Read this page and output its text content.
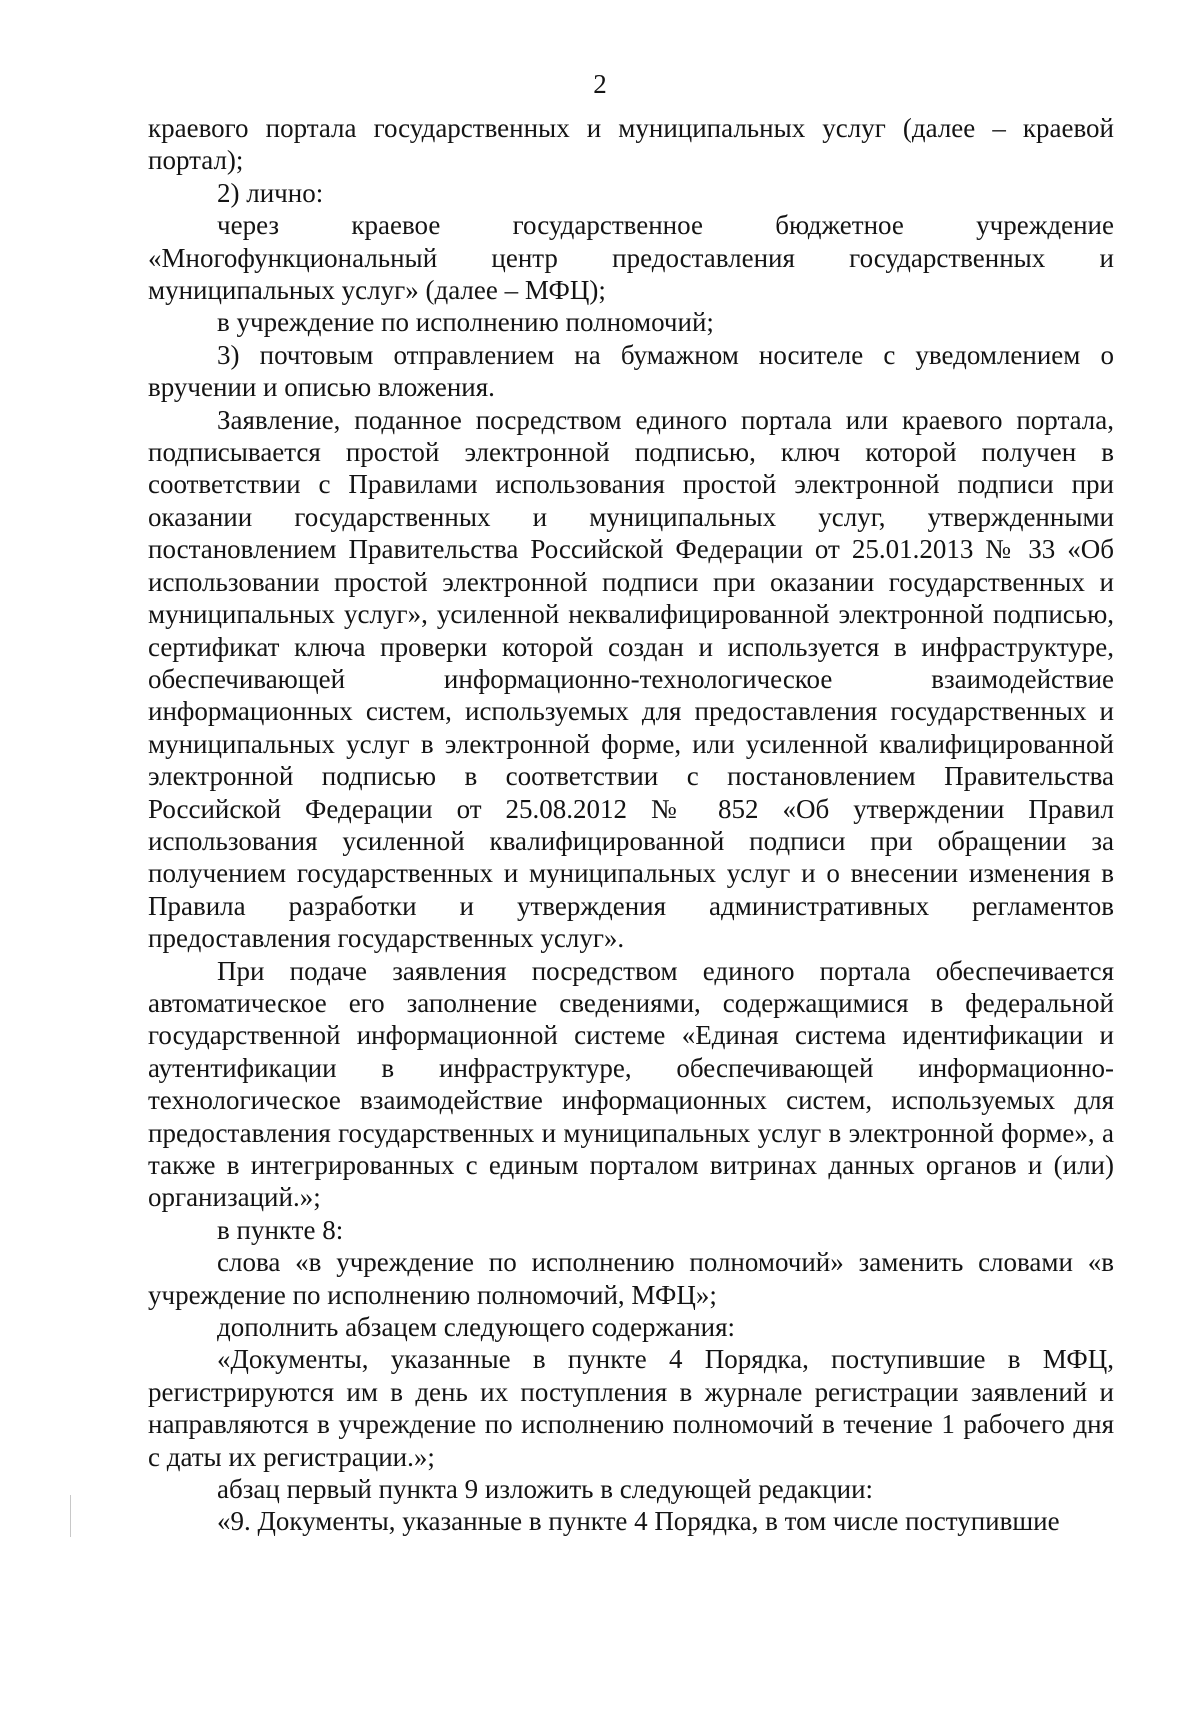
2

краевого портала государственных и муниципальных услуг (далее – краевой портал);

2) лично:

через краевое государственное бюджетное учреждение «Многофункциональный центр предоставления государственных и муниципальных услуг» (далее – МФЦ);

в учреждение по исполнению полномочий;

3) почтовым отправлением на бумажном носителе с уведомлением о вручении и описью вложения.

Заявление, поданное посредством единого портала или краевого портала, подписывается простой электронной подписью, ключ которой получен в соответствии с Правилами использования простой электронной подписи при оказании государственных и муниципальных услуг, утвержденными постановлением Правительства Российской Федерации от 25.01.2013 № 33 «Об использовании простой электронной подписи при оказании государственных и муниципальных услуг», усиленной неквалифицированной электронной подписью, сертификат ключа проверки которой создан и используется в инфраструктуре, обеспечивающей информационно-технологическое взаимодействие информационных систем, используемых для предоставления государственных и муниципальных услуг в электронной форме, или усиленной квалифицированной электронной подписью в соответствии с постановлением Правительства Российской Федерации от 25.08.2012 № 852 «Об утверждении Правил использования усиленной квалифицированной подписи при обращении за получением государственных и муниципальных услуг и о внесении изменения в Правила разработки и утверждения административных регламентов предоставления государственных услуг».

При подаче заявления посредством единого портала обеспечивается автоматическое его заполнение сведениями, содержащимися в федеральной государственной информационной системе «Единая система идентификации и аутентификации в инфраструктуре, обеспечивающей информационно-технологическое взаимодействие информационных систем, используемых для предоставления государственных и муниципальных услуг в электронной форме», а также в интегрированных с единым порталом витринах данных органов и (или) организаций.»;

в пункте 8:

слова «в учреждение по исполнению полномочий» заменить словами «в учреждение по исполнению полномочий, МФЦ»;

дополнить абзацем следующего содержания:

«Документы, указанные в пункте 4 Порядка, поступившие в МФЦ, регистрируются им в день их поступления в журнале регистрации заявлений и направляются в учреждение по исполнению полномочий в течение 1 рабочего дня с даты их регистрации.»;

абзац первый пункта 9 изложить в следующей редакции:

«9. Документы, указанные в пункте 4 Порядка, в том числе поступившие
